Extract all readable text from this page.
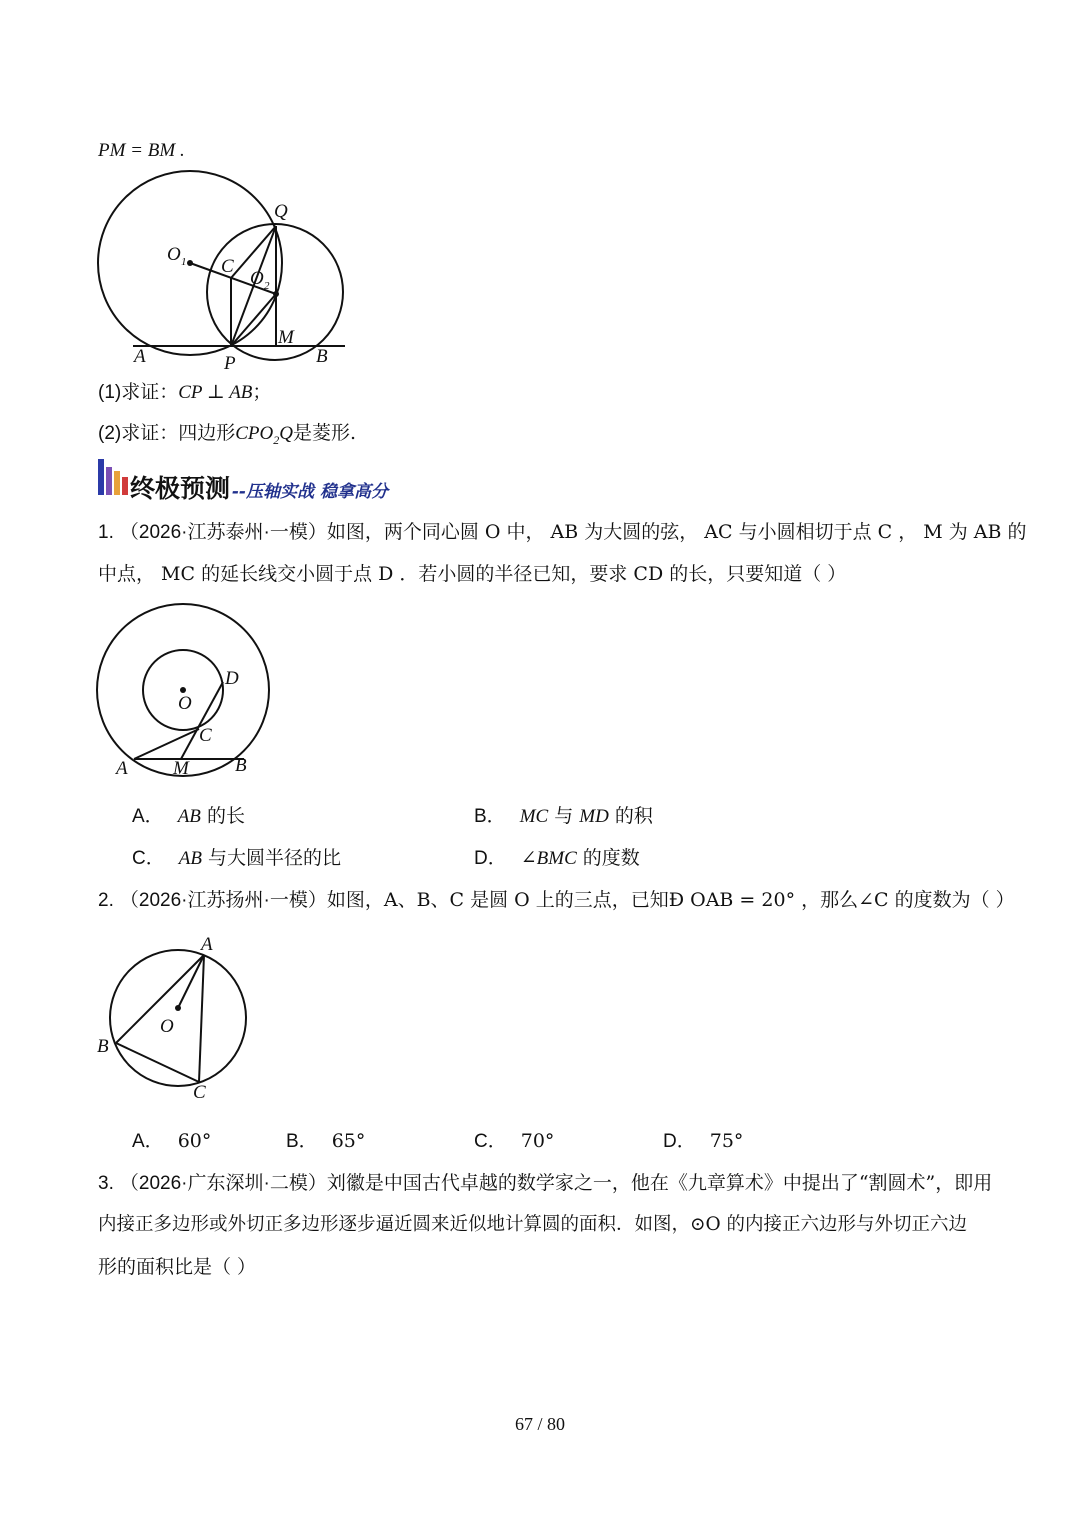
PM = BM .
Q
O 1 C
O 2
M
A	P	B
(1)求证：CP ⊥ AB；
(2)求证：四边形$CPO_2Q$是菱形.
终极预测 --压轴实战 稳拿高分
1. （2026·江苏泰州·一模）如图，两个同心圆 O 中， AB 为大圆的弦， AC 与小圆相切于点 C ， M 为 AB 的
中点， MC 的延长线交小圆于点 D ．若小圆的半径已知，要求 CD 的长，只要知道（ ）
O
D
C
A M B
A． AB 的长	B． MC 与 MD 的积
C． AB 与大圆半径的比	D． ∠BMC 的度数
2. （2026·江苏扬州·一模）如图，A、B、C 是圆 O 上的三点，已知Ð OAB = 20° ，那么∠C 的度数为（ ）
A
O
B
C
A． 60°	B． 65°	C． 70°	D． 75°
3. （2026·广东深圳·二模）刘徽是中国古代卓越的数学家之一，他在《九章算术》中提出了“割圆术”，即用
内接正多边形或外切正多边形逐步逼近圆来近似地计算圆的面积．如图，⊙O 的内接正六边形与外切正六边
形的面积比是（ ）
67 / 80
